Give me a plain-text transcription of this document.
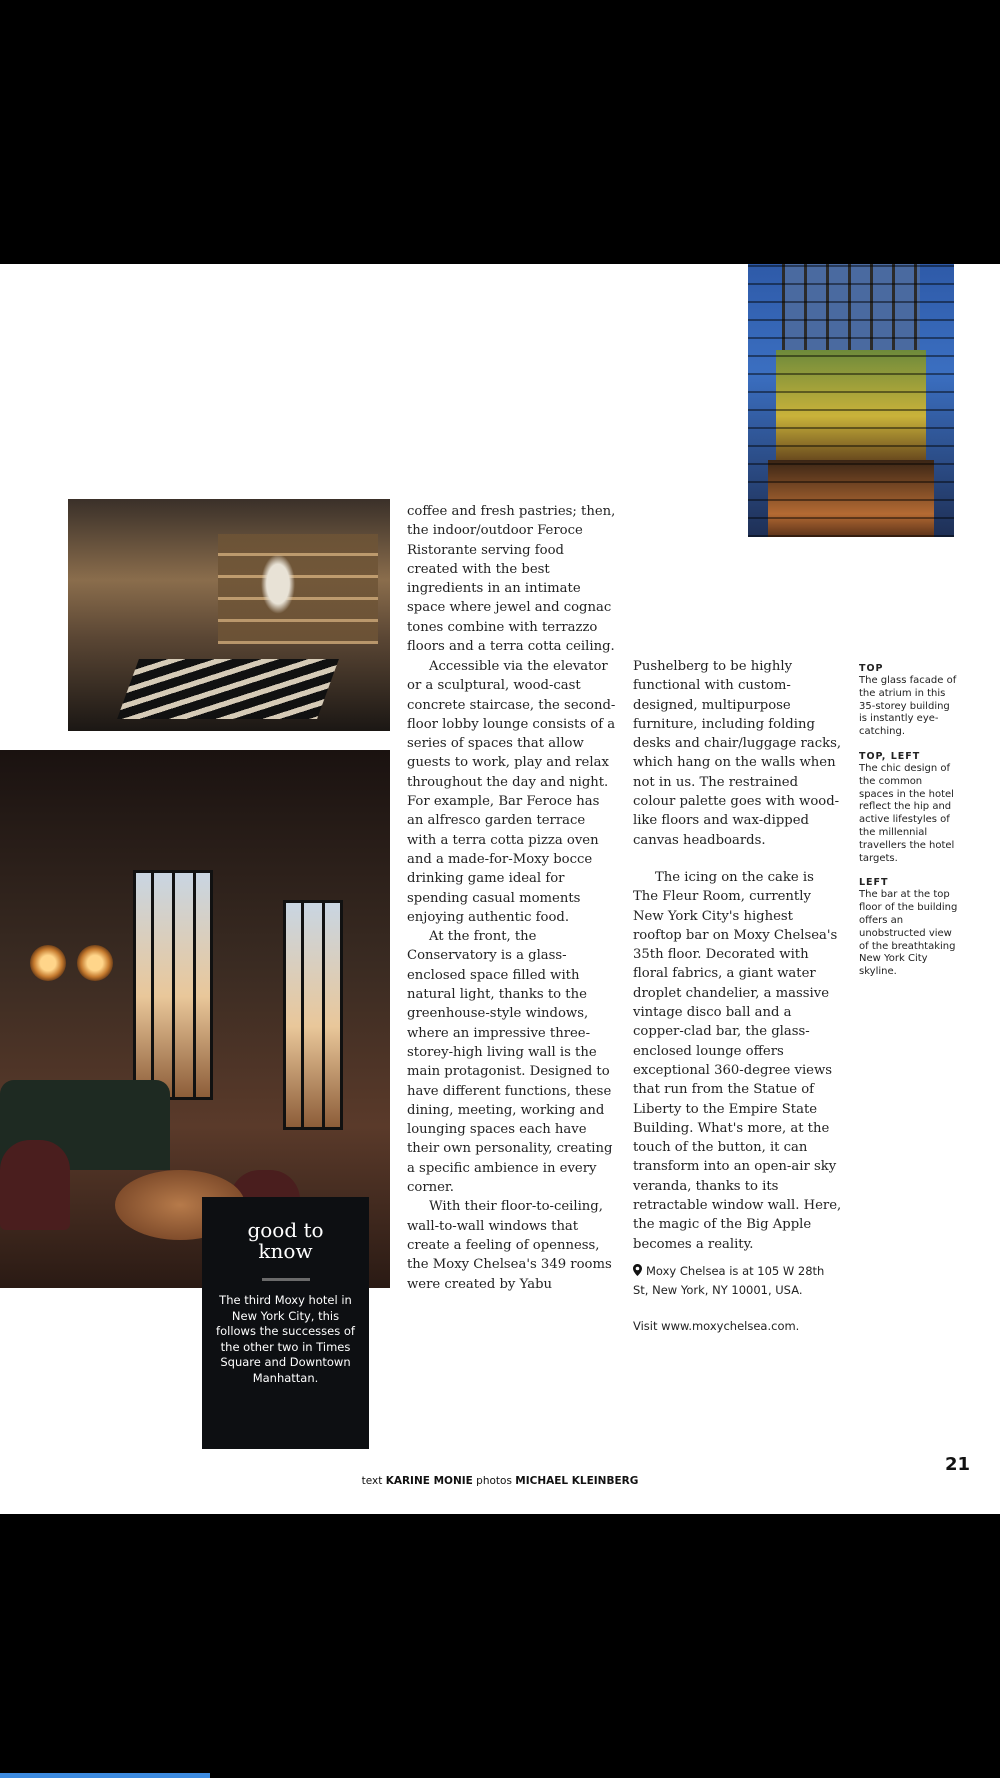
good to know
The third Moxy hotel in New York City, this follows the successes of the other two in Times Square and Downtown Manhattan.

coffee and fresh pastries; then, the indoor/outdoor Feroce Ristorante serving food created with the best ingredients in an intimate space where jewel and cognac tones combine with terrazzo floors and a terra cotta ceiling.

Accessible via the elevator or a sculptural, wood-cast concrete staircase, the second-floor lobby lounge consists of a series of spaces that allow guests to work, play and relax throughout the day and night. For example, Bar Feroce has an alfresco garden terrace with a terra cotta pizza oven and a made-for-Moxy bocce drinking game ideal for spending casual moments enjoying authentic food.

At the front, the Conservatory is a glass-enclosed space filled with natural light, thanks to the greenhouse-style windows, where an impressive three-storey-high living wall is the main protagonist. Designed to have different functions, these dining, meeting, working and lounging spaces each have their own personality, creating a specific ambience in every corner.

With their floor-to-ceiling, wall-to-wall windows that create a feeling of openness, the Moxy Chelsea's 349 rooms were created by Yabu

Pushelberg to be highly functional with custom-designed, multipurpose furniture, including folding desks and chair/luggage racks, which hang on the walls when not in us. The restrained colour palette goes with wood-like floors and wax-dipped canvas headboards.

The icing on the cake is The Fleur Room, currently New York City's highest rooftop bar on Moxy Chelsea's 35th floor. Decorated with floral fabrics, a giant water droplet chandelier, a massive vintage disco ball and a copper-clad bar, the glass-enclosed lounge offers exceptional 360-degree views that run from the Statue of Liberty to the Empire State Building. What's more, at the touch of the button, it can transform into an open-air sky veranda, thanks to its retractable window wall. Here, the magic of the Big Apple becomes a reality.

Moxy Chelsea is at 105 W 28th St, New York, NY 10001, USA.
Visit www.moxychelsea.com.
TOP
The glass facade of the atrium in this 35-storey building is instantly eye-catching.
TOP, LEFT
The chic design of the common spaces in the hotel reflect the hip and active lifestyles of the millennial travellers the hotel targets.
LEFT
The bar at the top floor of the building offers an unobstructed view of the breathtaking New York City skyline.
21
text KARINE MONIE photos MICHAEL KLEINBERG
